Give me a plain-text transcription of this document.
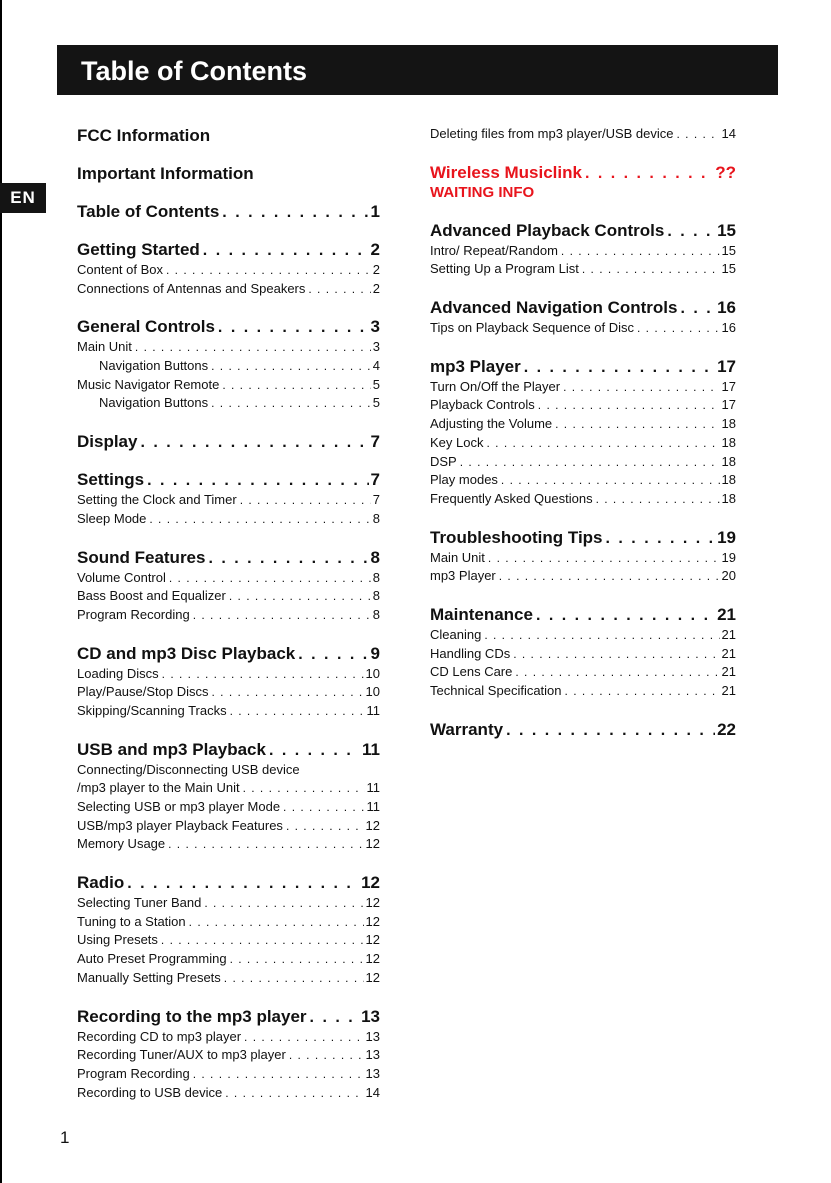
EN
Table of Contents
FCC Information
Important Information
Table of Contents . . .	1
Getting Started . . .	2
Content of Box . . .	2
Connections of Antennas and Speakers . . .	2
General Controls . . .	3
Main Unit . . .	3
Navigation Buttons . . .	4
Music Navigator Remote . . .	5
Navigation Buttons . . .	5
Display . . .	7
Settings . . .	7
Setting the Clock and Timer . . .	7
Sleep Mode . . .	8
Sound Features . . .	8
Volume Control . . .	8
Bass Boost and Equalizer . . .	8
Program Recording . . .	8
CD and mp3 Disc Playback . . .	9
Loading Discs . . .	10
Play/Pause/Stop Discs . . .	10
Skipping/Scanning Tracks . . .	11
USB and mp3 Playback . . .	11
Connecting/Disconnecting USB device
/mp3 player to the Main Unit . . .	11
Selecting USB or mp3 player Mode . . .	11
USB/mp3 player Playback Features . . .	12
Memory Usage . . .	12
Radio . . .	12
Selecting Tuner Band . . .	12
Tuning to a Station . . .	12
Using Presets . . .	12
Auto Preset Programming . . .	12
Manually Setting Presets . . .	12
Recording to the mp3 player . . .	13
Recording CD to mp3 player . . .	13
Recording Tuner/AUX to mp3 player . . .	13
Program Recording . . .	13
Recording to USB device . . .	14
Deleting files from mp3 player/USB device . . .	14
Wireless Musiclink . . .	??
WAITING INFO
Advanced Playback Controls . . .	15
Intro/ Repeat/Random . . .	15
Setting Up a Program List . . .	15
Advanced Navigation Controls . . . 16
Tips on Playback Sequence of Disc . . .	16
mp3 Player . . .	17
Turn On/Off the Player . . .	17
Playback Controls . . .	17
Adjusting the Volume . . .	18
Key Lock . . .	18
DSP . . .	18
Play modes . . .	18
Frequently Asked Questions . . .	18
Troubleshooting Tips . . .	19
Main Unit . . .	19
mp3 Player . . .	20
Maintenance . . .	21
Cleaning . . .	21
Handling CDs . . .	21
CD Lens Care . . .	21
Technical Specification . . .	21
Warranty . . .	22
1
